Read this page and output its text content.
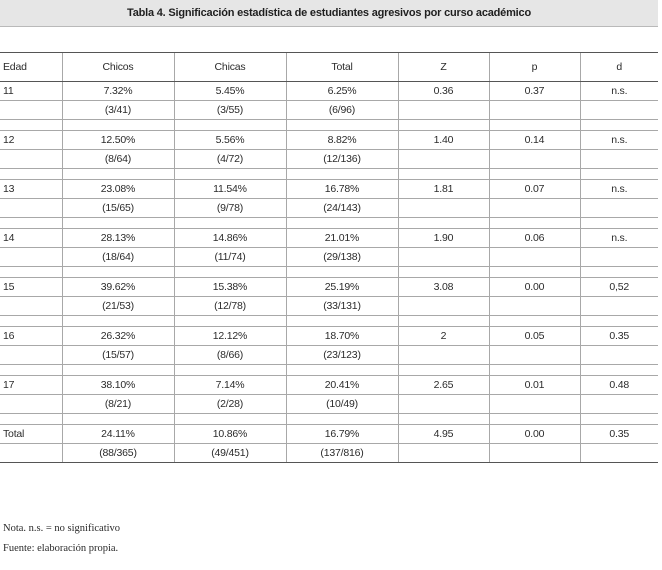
Tabla 4. Significación estadística de estudiantes agresivos por curso académico
Edad	Chicos	Chicas	Total	Z	p	d
11	7.32%	5.45%	6.25%	0.36	0.37	n.s.
	(3/41)	(3/55)	(6/96)			

12	12.50%	5.56%	8.82%	1.40	0.14	n.s.
	(8/64)	(4/72)	(12/136)			

13	23.08%	11.54%	16.78%	1.81	0.07	n.s.
	(15/65)	(9/78)	(24/143)			

14	28.13%	14.86%	21.01%	1.90	0.06	n.s.
	(18/64)	(11/74)	(29/138)			

15	39.62%	15.38%	25.19%	3.08	0.00	0,52
	(21/53)	(12/78)	(33/131)			

16	26.32%	12.12%	18.70%	2	0.05	0.35
	(15/57)	(8/66)	(23/123)			

17	38.10%	7.14%	20.41%	2.65	0.01	0.48
	(8/21)	(2/28)	(10/49)			

Total	24.11%	10.86%	16.79%	4.95	0.00	0.35
	(88/365)	(49/451)	(137/816)			
Nota. n.s. = no significativo
Fuente: elaboración propia.
